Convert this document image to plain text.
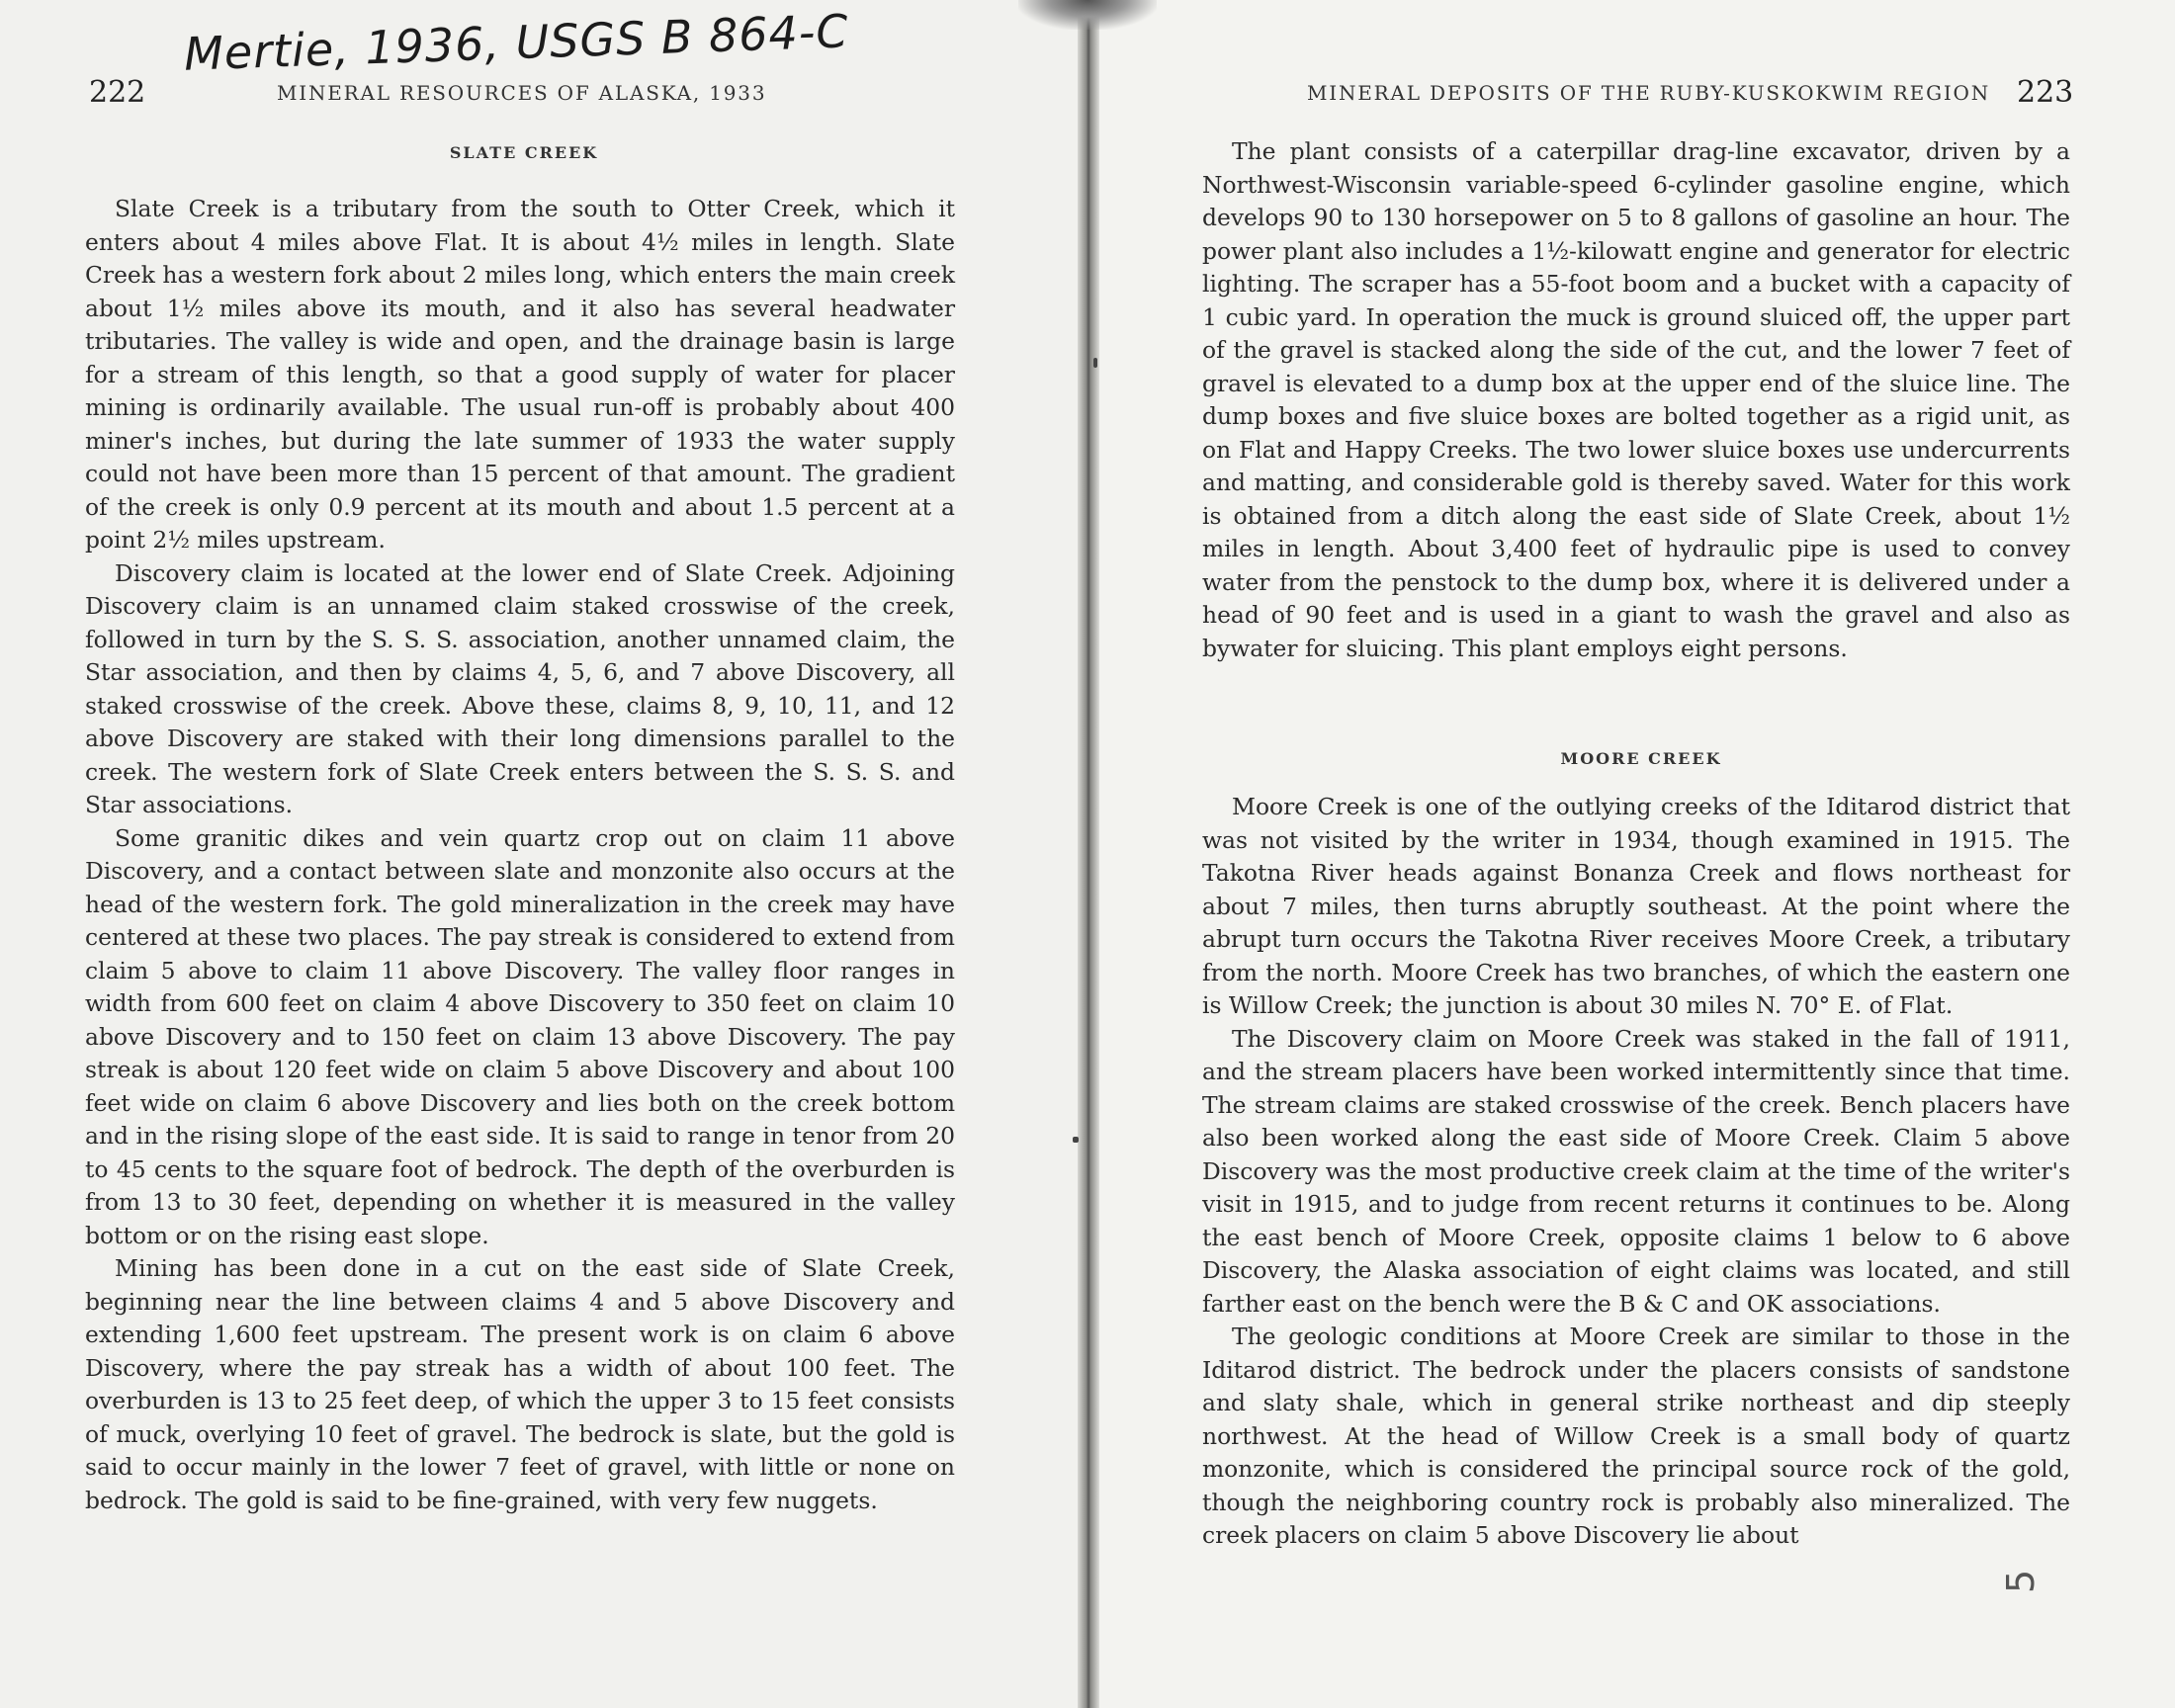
Mertie, 1936, USGS B 864-C
222	MINERAL RESOURCES OF ALASKA, 1933
SLATE CREEK

Slate Creek is a tributary from the south to Otter Creek, which it enters about 4 miles above Flat. It is about 4½ miles in length. Slate Creek has a western fork about 2 miles long, which enters the main creek about 1½ miles above its mouth, and it also has several headwater tributaries. The valley is wide and open, and the drainage basin is large for a stream of this length, so that a good supply of water for placer mining is ordinarily available. The usual run-off is probably about 400 miner's inches, but during the late summer of 1933 the water supply could not have been more than 15 percent of that amount. The gradient of the creek is only 0.9 percent at its mouth and about 1.5 percent at a point 2½ miles upstream.

Discovery claim is located at the lower end of Slate Creek. Adjoining Discovery claim is an unnamed claim staked crosswise of the creek, followed in turn by the S. S. S. association, another unnamed claim, the Star association, and then by claims 4, 5, 6, and 7 above Discovery, all staked crosswise of the creek. Above these, claims 8, 9, 10, 11, and 12 above Discovery are staked with their long dimensions parallel to the creek. The western fork of Slate Creek enters between the S. S. S. and Star associations.

Some granitic dikes and vein quartz crop out on claim 11 above Discovery, and a contact between slate and monzonite also occurs at the head of the western fork. The gold mineralization in the creek may have centered at these two places. The pay streak is considered to extend from claim 5 above to claim 11 above Discovery. The valley floor ranges in width from 600 feet on claim 4 above Discovery to 350 feet on claim 10 above Discovery and to 150 feet on claim 13 above Discovery. The pay streak is about 120 feet wide on claim 5 above Discovery and about 100 feet wide on claim 6 above Discovery and lies both on the creek bottom and in the rising slope of the east side. It is said to range in tenor from 20 to 45 cents to the square foot of bedrock. The depth of the overburden is from 13 to 30 feet, depending on whether it is measured in the valley bottom or on the rising east slope.

Mining has been done in a cut on the east side of Slate Creek, beginning near the line between claims 4 and 5 above Discovery and extending 1,600 feet upstream. The present work is on claim 6 above Discovery, where the pay streak has a width of about 100 feet. The overburden is 13 to 25 feet deep, of which the upper 3 to 15 feet consists of muck, overlying 10 feet of gravel. The bedrock is slate, but the gold is said to occur mainly in the lower 7 feet of gravel, with little or none on bedrock. The gold is said to be fine-grained, with very few nuggets.

MINERAL DEPOSITS OF THE RUBY-KUSKOKWIM REGION 223

The plant consists of a caterpillar drag-line excavator, driven by a Northwest-Wisconsin variable-speed 6-cylinder gasoline engine, which develops 90 to 130 horsepower on 5 to 8 gallons of gasoline an hour. The power plant also includes a 1½-kilowatt engine and generator for electric lighting. The scraper has a 55-foot boom and a bucket with a capacity of 1 cubic yard. In operation the muck is ground sluiced off, the upper part of the gravel is stacked along the side of the cut, and the lower 7 feet of gravel is elevated to a dump box at the upper end of the sluice line. The dump boxes and five sluice boxes are bolted together as a rigid unit, as on Flat and Happy Creeks. The two lower sluice boxes use undercurrents and matting, and considerable gold is thereby saved. Water for this work is obtained from a ditch along the east side of Slate Creek, about 1½ miles in length. About 3,400 feet of hydraulic pipe is used to convey water from the penstock to the dump box, where it is delivered under a head of 90 feet and is used in a giant to wash the gravel and also as bywater for sluicing. This plant employs eight persons.

MOORE CREEK

Moore Creek is one of the outlying creeks of the Iditarod district that was not visited by the writer in 1934, though examined in 1915. The Takotna River heads against Bonanza Creek and flows northeast for about 7 miles, then turns abruptly southeast. At the point where the abrupt turn occurs the Takotna River receives Moore Creek, a tributary from the north. Moore Creek has two branches, of which the eastern one is Willow Creek; the junction is about 30 miles N. 70° E. of Flat.

The Discovery claim on Moore Creek was staked in the fall of 1911, and the stream placers have been worked intermittently since that time. The stream claims are staked crosswise of the creek. Bench placers have also been worked along the east side of Moore Creek. Claim 5 above Discovery was the most productive creek claim at the time of the writer's visit in 1915, and to judge from recent returns it continues to be. Along the east bench of Moore Creek, opposite claims 1 below to 6 above Discovery, the Alaska association of eight claims was located, and still farther east on the bench were the B & C and OK associations.

The geologic conditions at Moore Creek are similar to those in the Iditarod district. The bedrock under the placers consists of sandstone and slaty shale, which in general strike northeast and dip steeply northwest. At the head of Willow Creek is a small body of quartz monzonite, which is considered the principal source rock of the gold, though the neighboring country rock is probably also mineralized. The creek placers on claim 5 above Discovery lie about

5
